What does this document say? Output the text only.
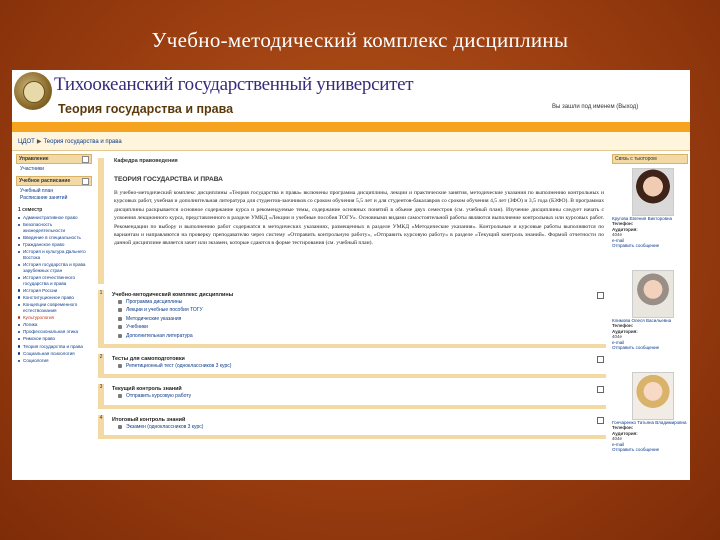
Учебно-методический комплекс дисциплины
Тихоокеанский государственный университет
Теория государства и права	Вы зашли под именем (Выход)
ЦДОТ ▶ Теория государства и права
Управление
Участники
Учебное расписание
Учебный план
Расписание занятий
1 семестр
Административное право
Безопасность жизнедеятельности
Введение в специальность
Гражданское право
История и культура Дальнего Востока
История государства и права зарубежных стран
История отечественного государства и права
История России
Конституционное право
Концепции современного естествознания
Культурология
Логика
Профессиональная этика
Римское право
Теория государства и права
Социальная психология
Социология
Кафедра правоведения
ТЕОРИЯ ГОСУДАРСТВА И ПРАВА
В учебно-методический комплекс дисциплины «Теория государства и права» включены программа дисциплины, лекции и практические занятия, методические указания по выполнению контрольных и курсовых работ, учебная и дополнительная литература для студентов-заочников со сроком обучения 5,5 лет и для студентов-бакалавров со сроком обучения 4,5 лет (ЗФО) и 3,5 года (БЗФО). В программах дисциплины раскрывается основное содержание курса и рекомендуемые темы, содержание основных понятий в объеме двух семестров (см. учебный план). Изучение дисциплины следует начать с усвоения лекционного курса, представленного в разделе УМКД «Лекции и учебные пособия ТОГУ». Основными видами самостоятельной работы являются выполнение контрольных или курсовых работ. Рекомендации по выбору и выполнению работ содержатся в методических указаниях, размещенных в разделе УМКД «Методические указания». Контрольные и курсовые работы выполняются по вариантам и направляются на проверку преподавателю через систему «Отправить контрольную работу», «Отправить курсовую работу» в разделе «Текущий контроль знаний». Формой отчетности по данной дисциплине является зачет или экзамен, которые сдаются в форме тестирования (см. учебный план).
1 Учебно-методический комплекс дисциплины
Программа дисциплины
Лекции и учебные пособия ТОГУ
Методические указания
Учебники
Дополнительная литература
2 Тесты для самоподготовки
Репетиционный тест (одноклассников 3 курс)
3 Текущий контроль знаний
Отправить курсовую работу
4 Итоговый контроль знаний
Экзамен (одноклассников 3 курс)
Связь с тьютором
Кругова Евгения Викторовна
Телефон:
Аудитория:
404е
e-mail
Отправить сообщение
Климова Олеся Васильевна
Телефон:
Аудитория:
404е
e-mail
Отправить сообщение
Гончаренко Татьяна Владимировна
Телефон:
Аудитория:
404е
e-mail
Отправить сообщение
